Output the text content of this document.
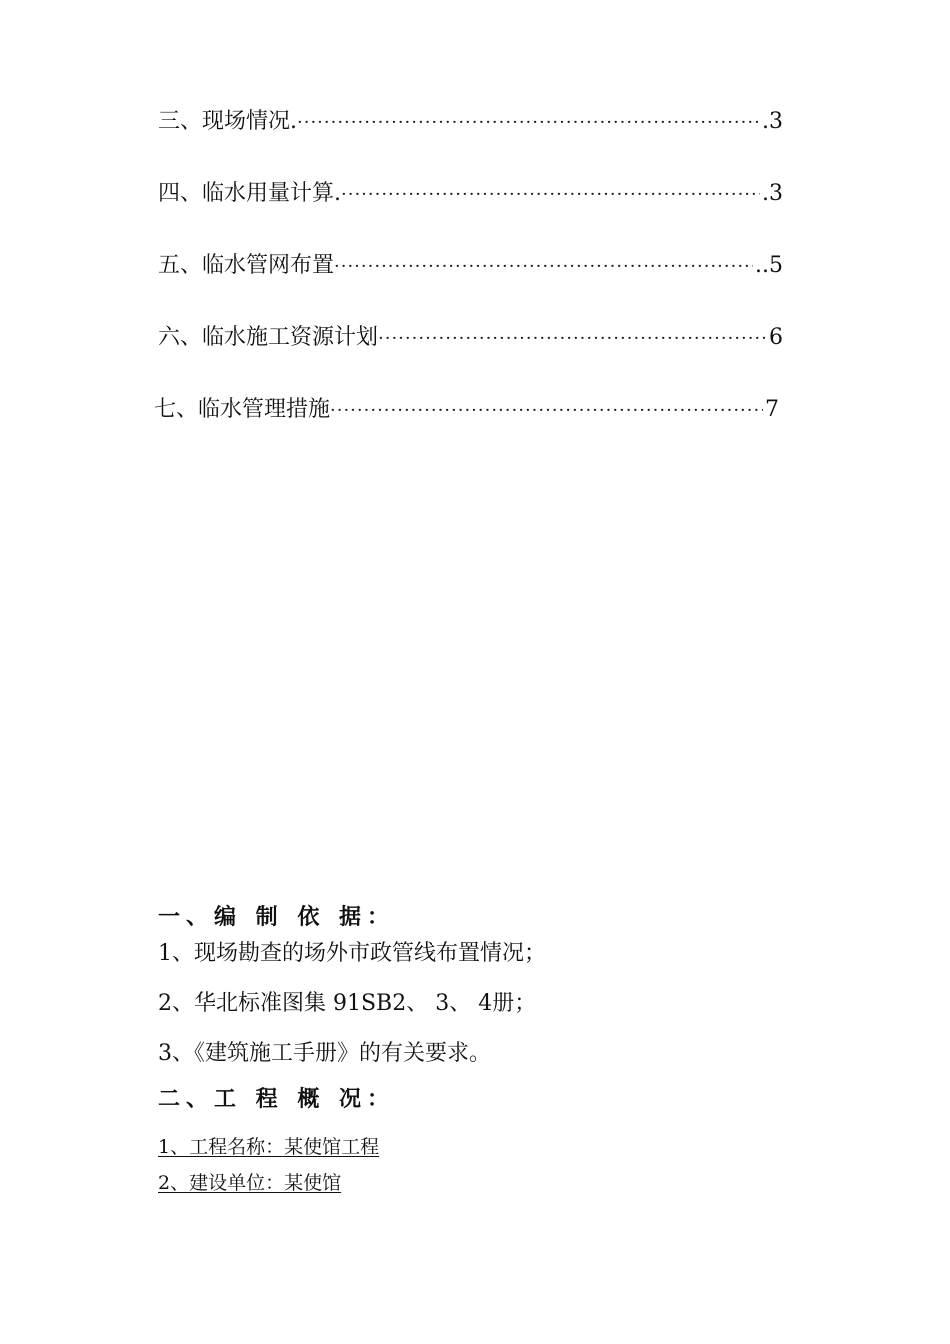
三、现场情况. ·····	.3
四、临水用量计算. ·····	.3
五、临水管网布置 ·····	..5
六、临水施工资源计划 ·····	6
七、临水管理措施 ·····	7
一、编 制 依 据：
1、现场勘查的场外市政管线布置情况；
2、华北标准图集 91SB2、 3、 4册；
3、《建筑施工手册》的有关要求。
二、工 程 概 况：
1、工程名称：某使馆工程
2、建设单位：某使馆
